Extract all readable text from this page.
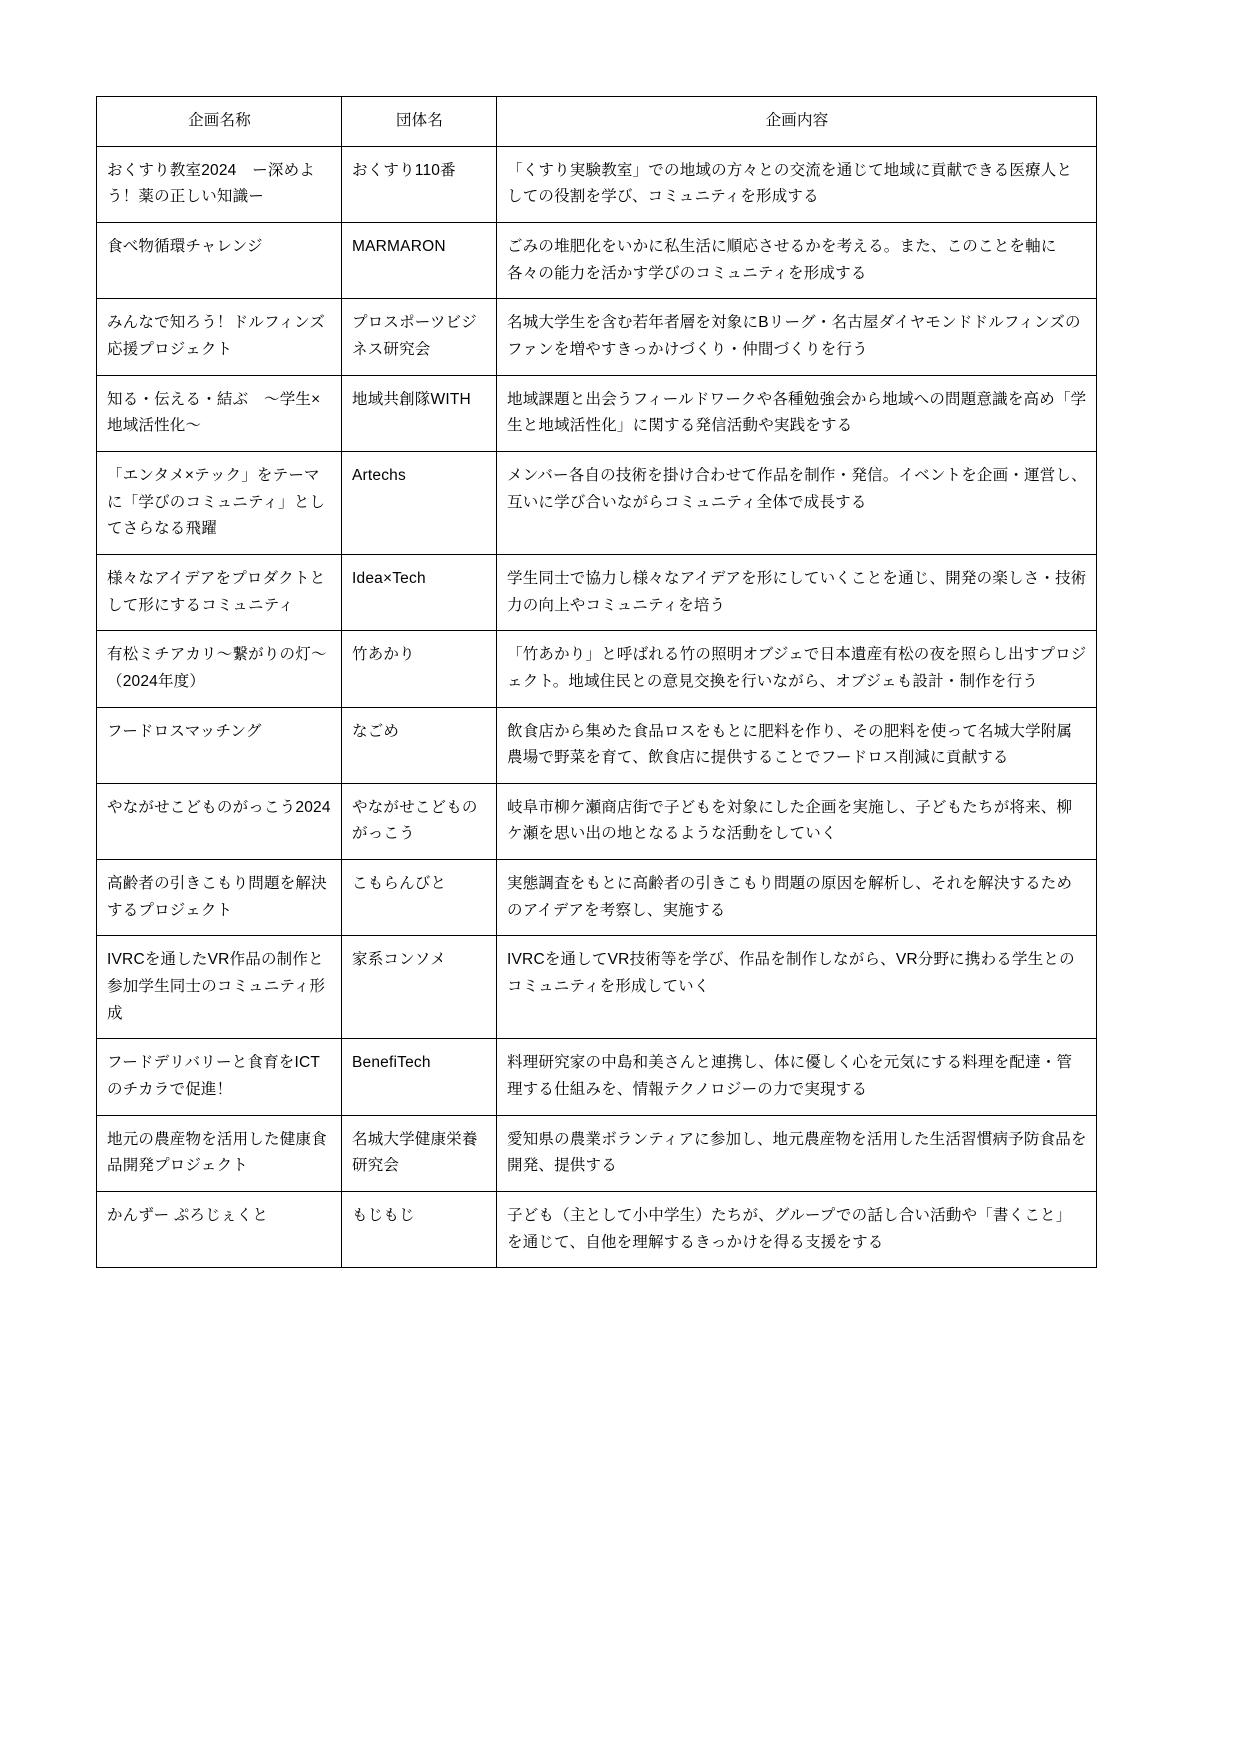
企画名称	団体名	企画内容
おくすり教室2024　ー深めよう！薬の正しい知識ー	おくすり110番	「くすり実験教室」での地域の方々との交流を通じて地域に貢献できる医療人としての役割を学び、コミュニティを形成する
食べ物循環チャレンジ	MARMARON	ごみの堆肥化をいかに私生活に順応させるかを考える。また、このことを軸に各々の能力を活かす学びのコミュニティを形成する
みんなで知ろう！ドルフィンズ応援プロジェクト	プロスポーツビジネス研究会	名城大学生を含む若年者層を対象にBリーグ・名古屋ダイヤモンドドルフィンズのファンを増やすきっかけづくり・仲間づくりを行う
知る・伝える・結ぶ　〜学生×地域活性化〜	地域共創隊WITH	地域課題と出会うフィールドワークや各種勉強会から地域への問題意識を高め「学生と地域活性化」に関する発信活動や実践をする
「エンタメ×テック」をテーマに「学びのコミュニティ」としてさらなる飛躍	Artechs	メンバー各自の技術を掛け合わせて作品を制作・発信。イベントを企画・運営し、互いに学び合いながらコミュニティ全体で成長する
様々なアイデアをプロダクトとして形にするコミュニティ	Idea×Tech	学生同士で協力し様々なアイデアを形にしていくことを通じ、開発の楽しさ・技術力の向上やコミュニティを培う
有松ミチアカリ〜繋がりの灯〜（2024年度）	竹あかり	「竹あかり」と呼ばれる竹の照明オブジェで日本遺産有松の夜を照らし出すプロジェクト。地域住民との意見交換を行いながら、オブジェも設計・制作を行う
フードロスマッチング	なごめ	飲食店から集めた食品ロスをもとに肥料を作り、その肥料を使って名城大学附属農場で野菜を育て、飲食店に提供することでフードロス削減に貢献する
やながせこどものがっこう2024	やながせこどものがっこう	岐阜市柳ケ瀬商店街で子どもを対象にした企画を実施し、子どもたちが将来、柳ケ瀬を思い出の地となるような活動をしていく
高齢者の引きこもり問題を解決するプロジェクト	こもらんびと	実態調査をもとに高齢者の引きこもり問題の原因を解析し、それを解決するためのアイデアを考察し、実施する
IVRCを通したVR作品の制作と参加学生同士のコミュニティ形成	家系コンソメ	IVRCを通してVR技術等を学び、作品を制作しながら、VR分野に携わる学生とのコミュニティを形成していく
フードデリバリーと食育をICTのチカラで促進！	BenefiTech	料理研究家の中島和美さんと連携し、体に優しく心を元気にする料理を配達・管理する仕組みを、情報テクノロジーの力で実現する
地元の農産物を活用した健康食品開発プロジェクト	名城大学健康栄養研究会	愛知県の農業ボランティアに参加し、地元農産物を活用した生活習慣病予防食品を開発、提供する
かんずー ぷろじぇくと	もじもじ	子ども（主として小中学生）たちが、グループでの話し合い活動や「書くこと」を通じて、自他を理解するきっかけを得る支援をする
